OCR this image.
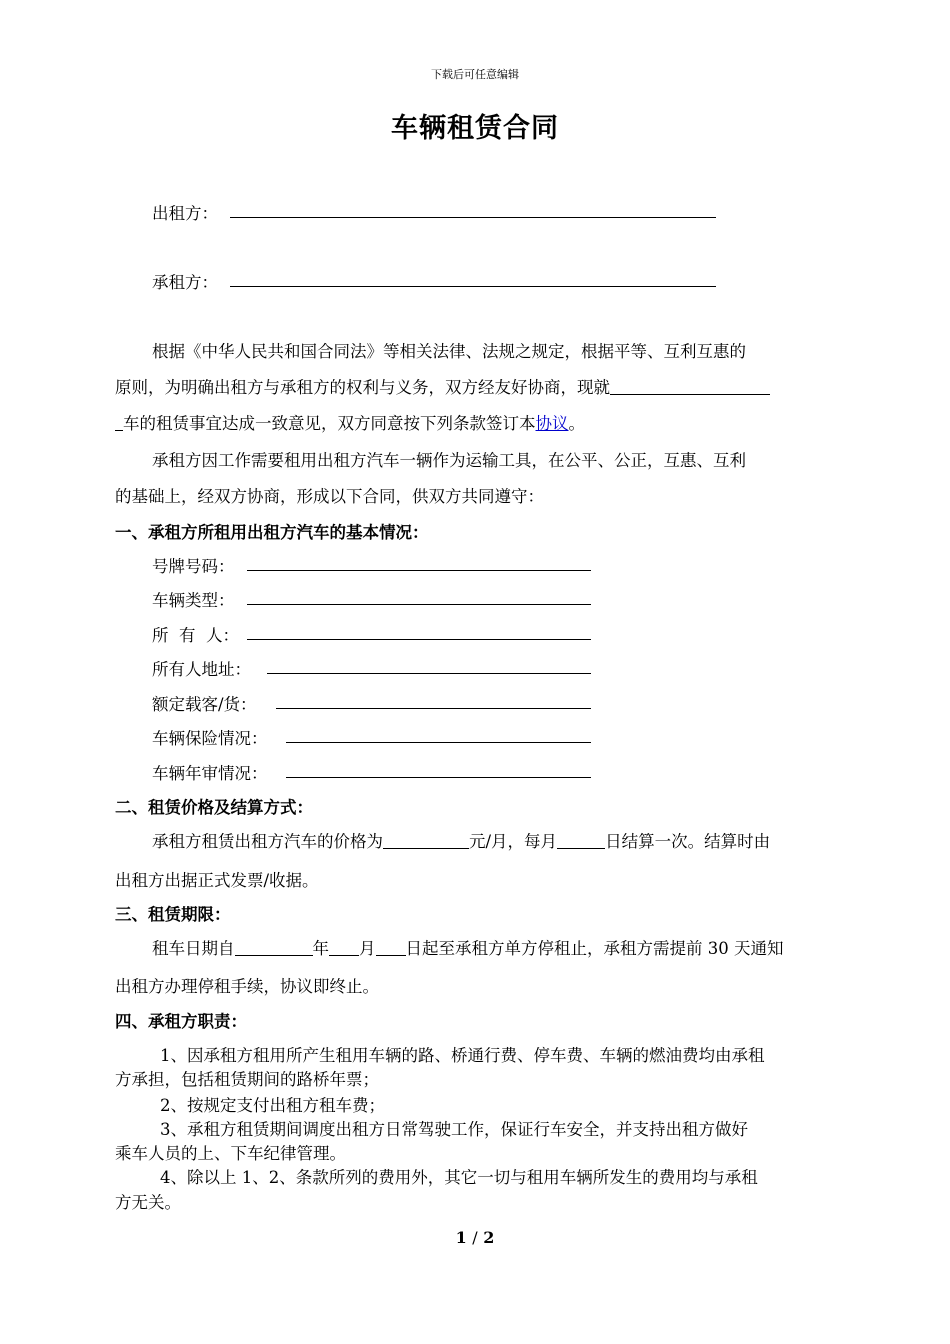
下载后可任意编辑
车辆租赁合同
出租方：
承租方：
根据《中华人民共和国合同法》等相关法律、法规之规定，根据平等、互利互惠的
原则，为明确出租方与承租方的权利与义务，双方经友好协商，现就
车的租赁事宜达成一致意见，双方同意按下列条款签订本协议。
承租方因工作需要租用出租方汽车一辆作为运输工具，在公平、公正，互惠、互利
的基础上，经双方协商，形成以下合同，供双方共同遵守：
一、承租方所租用出租方汽车的基本情况：
号牌号码：
车辆类型：
所  有  人：
所有人地址：
额定载客/货：
车辆保险情况：
车辆年审情况：
二、租赁价格及结算方式：
承租方租赁出租方汽车的价格为	元/月，每月	日结算一次。结算时由
出租方出据正式发票/收据。
三、租赁期限：
租车日期自	年 月 日起至承租方单方停租止，承租方需提前 30 天通知
出租方办理停租手续，协议即终止。
四、承租方职责：
1、因承租方租用所产生租用车辆的路、桥通行费、停车费、车辆的燃油费均由承租
方承担，包括租赁期间的路桥年票；
2、按规定支付出租方租车费；
3、承租方租赁期间调度出租方日常驾驶工作，保证行车安全，并支持出租方做好
乘车人员的上、下车纪律管理。
4、除以上 1、2、条款所列的费用外，其它一切与租用车辆所发生的费用均与承租
方无关。
1 / 2
